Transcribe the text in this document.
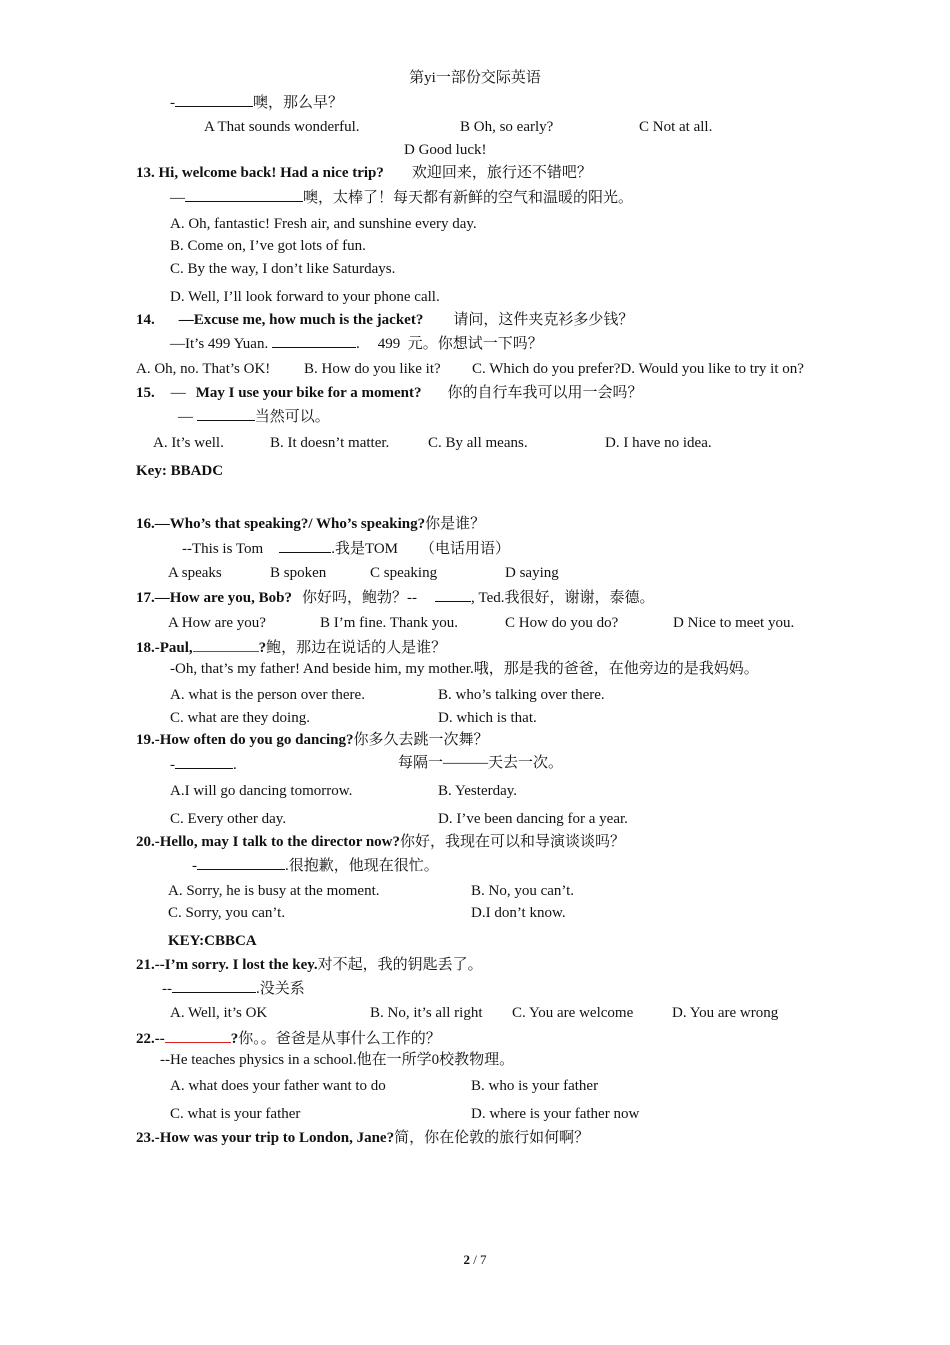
第yi一部份交际英语
-	噢，那么早？
A That sounds wonderful.	B Oh, so early?	C Not at all.
D Good luck!
13. Hi, welcome back! Had a nice trip? 欢迎回来，旅行还不错吧？
—	噢，太棒了！每天都有新鲜的空气和温暖的阳光。
A. Oh, fantastic! Fresh air, and sunshine every day.
B. Come on, I’ve got lots of fun.
C. By the way, I don’t like Saturdays.
D. Well, I’ll look forward to your phone call.
14. —Excuse me, how much is the jacket? 请问，这件夹克衫多少钱？
—It’s 499 Yuan.	. 499  元。你想试一下吗？
A. Oh, no. That’s OK! B. How do you like it? C. Which do you prefer?D. Would you like to try it on?
15. — May I use your bike for a moment? 你的自行车我可以用一会吗？
—	当然可以。
A. It’s well.	B. It doesn’t matter.	C. By all means.	D. I have no idea.
Key: BBADC
16.—Who’s that speaking?/ Who’s speaking?你是谁？
--This is Tom	.我是TOM （电话用语）
A speaks	B spoken	C speaking	D saying
17.—How are you, Bob? 你好吗，鲍勃？--	, Ted.我很好，谢谢，泰德。
A How are you?	B I’m fine. Thank you.	C How do you do?	D Nice to meet you.
18.-Paul,	?鲍，那边在说话的人是谁？
-Oh, that’s my father! And beside him, my mother.哦，那是我的爸爸，在他旁边的是我妈妈。
A. what is the person over there.	B. who’s talking over there.
C. what are they doing.	D. which is that.
19.-How often do you go dancing?你多久去跳一次舞？
-	.	每隔一———天去一次。
A.I will go dancing tomorrow.	B. Yesterday.
C. Every other day.	D. I’ve been dancing for a year.
20.-Hello, may I talk to the director now?你好，我现在可以和导演谈谈吗？
-	.很抱歉，他现在很忙。
A. Sorry, he is busy at the moment.	B. No, you can’t.
C. Sorry, you can’t.	D.I don’t know.
KEY:CBBCA
21.--I’m sorry. I lost the key.对不起，我的钥匙丢了。
--	.没关系
A. Well, it’s OK	B. No, it’s all right C. You are welcome	D. You are wrong
22.--	?你。。爸爸是从事什么工作的？
--He teaches physics in a school.他在一所学0校教物理。
A. what does your father want to do	B. who is your father
C. what is your father	D. where is your father now
23.-How was your trip to London, Jane?简，你在伦敦的旅行如何啊？
2 / 7
